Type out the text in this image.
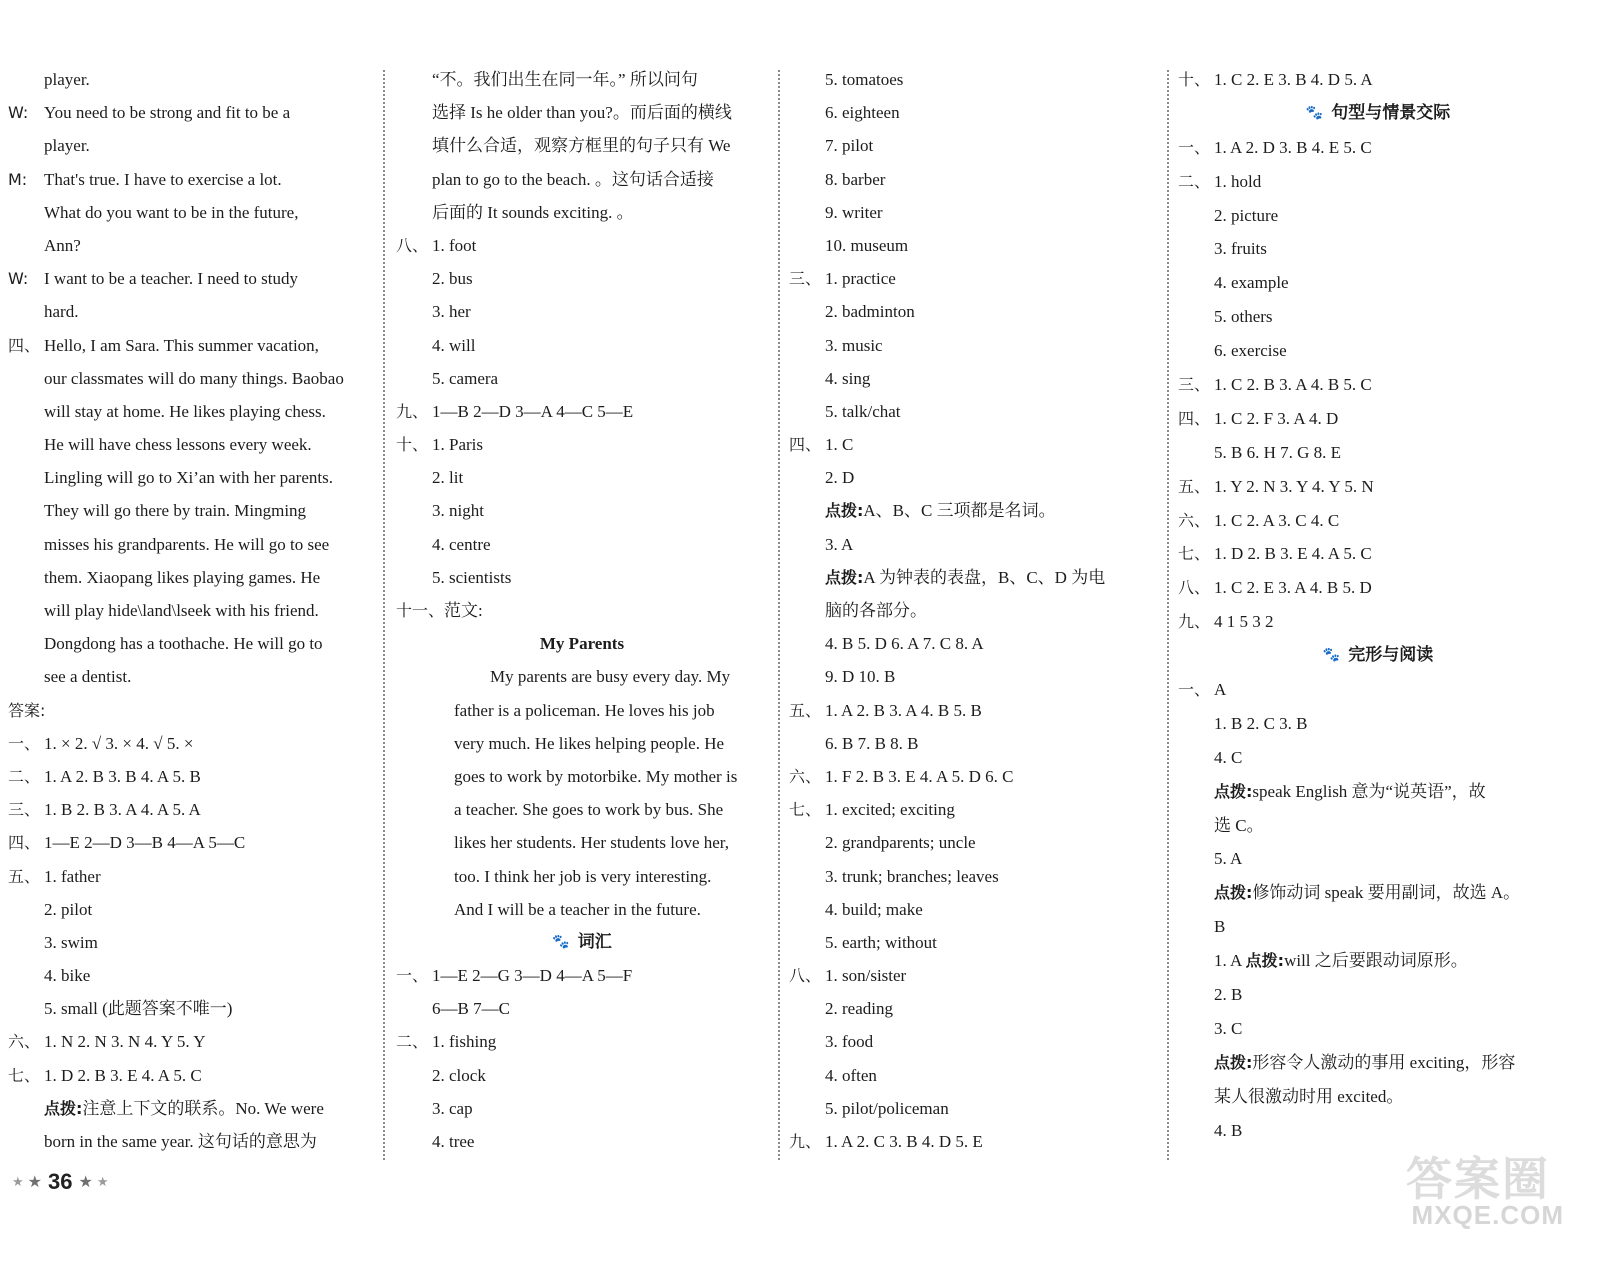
player.
W: You need to be strong and fit to be a
player.
M: That's true. I have to exercise a lot.
What do you want to be in the future,
Ann?
W: I want to be a teacher. I need to study
hard.
四、 Hello, I am Sara. This summer vacation,
our classmates will do many things. Baobao
will stay at home. He likes playing chess.
He will have chess lessons every week.
Lingling will go to Xi’an with her parents.
They will go there by train. Mingming
misses his grandparents. He will go to see
them. Xiaopang likes playing games. He
will play hide\land\lseek with his friend.
Dongdong has a toothache. He will go to
see a dentist.
答案:
一、 1. × 2. √ 3. × 4. √ 5. ×
二、 1. A 2. B 3. B 4. A 5. B
三、 1. B 2. B 3. A 4. A 5. A
四、 1—E 2—D 3—B 4—A 5—C
五、 1. father
2. pilot
3. swim
4. bike
5. small (此题答案不唯一)
六、 1. N 2. N 3. N 4. Y 5. Y
七、 1. D 2. B 3. E 4. A 5. C
点拨:注意上下文的联系。No. We were
born in the same year. 这句话的意思为
“不。我们出生在同一年。” 所以问句
选择 Is he older than you?。而后面的横线
填什么合适，观察方框里的句子只有 We
plan to go to the beach. 。这句话合适接
后面的 It sounds exciting. 。
八、 1. foot
2. bus
3. her
4. will
5. camera
九、 1—B 2—D 3—A 4—C 5—E
十、 1. Paris
2. lit
3. night
4. centre
5. scientists
十一、范文:
My Parents
My parents are busy every day. My
father is a policeman. He loves his job
very much. He likes helping people. He
goes to work by motorbike. My mother is
a teacher. She goes to work by bus. She
likes her students. Her students love her,
too. I think her job is very interesting.
And I will be a teacher in the future.
🐾 词汇
一、 1—E 2—G 3—D 4—A 5—F
6—B 7—C
二、 1. fishing
2. clock
3. cap
4. tree
5. tomatoes
6. eighteen
7. pilot
8. barber
9. writer
10. museum
三、 1. practice
2. badminton
3. music
4. sing
5. talk/chat
四、 1. C
2. D
点拨:A、B、C 三项都是名词。
3. A
点拨:A 为钟表的表盘，B、C、D 为电
脑的各部分。
4. B 5. D 6. A 7. C 8. A
9. D 10. B
五、 1. A 2. B 3. A 4. B 5. B
6. B 7. B 8. B
六、 1. F 2. B 3. E 4. A 5. D 6. C
七、 1. excited; exciting
2. grandparents; uncle
3. trunk; branches; leaves
4. build; make
5. earth; without
八、 1. son/sister
2. reading
3. food
4. often
5. pilot/policeman
九、 1. A 2. C 3. B 4. D 5. E
十、 1. C 2. E 3. B 4. D 5. A
🐾 句型与情景交际
一、 1. A 2. D 3. B 4. E 5. C
二、 1. hold
2. picture
3. fruits
4. example
5. others
6. exercise
三、 1. C 2. B 3. A 4. B 5. C
四、 1. C 2. F 3. A 4. D
5. B 6. H 7. G 8. E
五、 1. Y 2. N 3. Y 4. Y 5. N
六、 1. C 2. A 3. C 4. C
七、 1. D 2. B 3. E 4. A 5. C
八、 1. C 2. E 3. A 4. B 5. D
九、 4 1 5 3 2
🐾 完形与阅读
一、 A
1. B 2. C 3. B
4. C
点拨:speak English 意为“说英语”，故
选 C。
5. A
点拨:修饰动词 speak 要用副词，故选 A。
B
1. A 点拨:will 之后要跟动词原形。
2. B
3. C
点拨:形容令人激动的事用 exciting，形容
某人很激动时用 excited。
4. B
★ ★ 36 ★ ★	答案圈
MXQE.COM
